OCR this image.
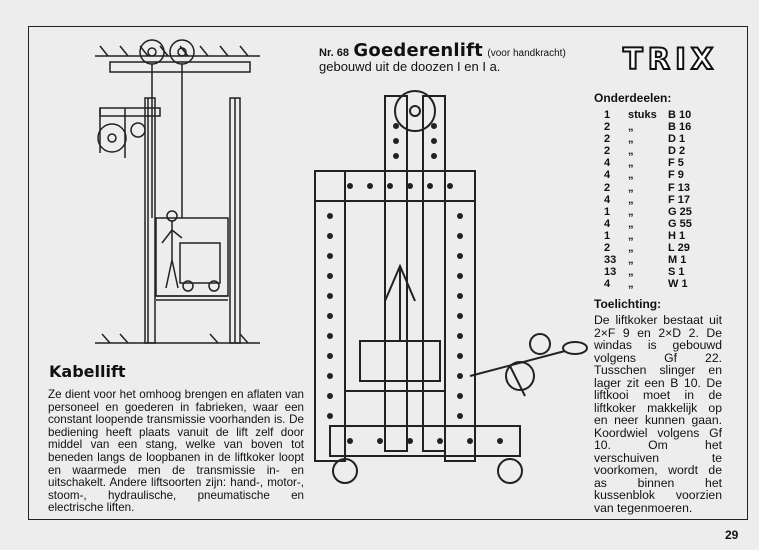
Nr. 68 Goederenlift (voor handkracht)
gebouwd uit de doozen I en I a.	TRIX
Onderdeelen:
1	stuks	B 10
2	„	B 16
2	„	D 1
2	„	D 2
4	„	F 5
4	„	F 9
2	„	F 13
4	„	F 17
1	„	G 25
4	„	G 55
1	„	H 1
2	„	L 29
33	„	M 1
13	„	S 1
4	„	W 1
Toelichting:
De liftkoker bestaat uit 2×F 9 en 2×D 2. De windas is gebouwd volgens Gf 22. Tusschen slinger en lager zit een B 10. De liftkooi moet in de liftkoker makkelijk op en neer kunnen gaan. Koordwiel volgens Gf 10. Om het verschuiven te voorkomen, wordt de as binnen het kussenblok voorzien van tegenmoeren.
Kabellift
Ze dient voor het omhoog brengen en aflaten van personeel en goederen in fabrieken, waar een constant loopende transmissie voorhanden is. De bediening heeft plaats vanuit de lift zelf door middel van een stang, welke van boven tot beneden langs de loopbanen in de liftkoker loopt en waarmede men de transmissie in- en uitschakelt. Andere liftsoorten zijn: hand-, motor-, stoom-, hydraulische, pneumatische en electrische liften.
29
